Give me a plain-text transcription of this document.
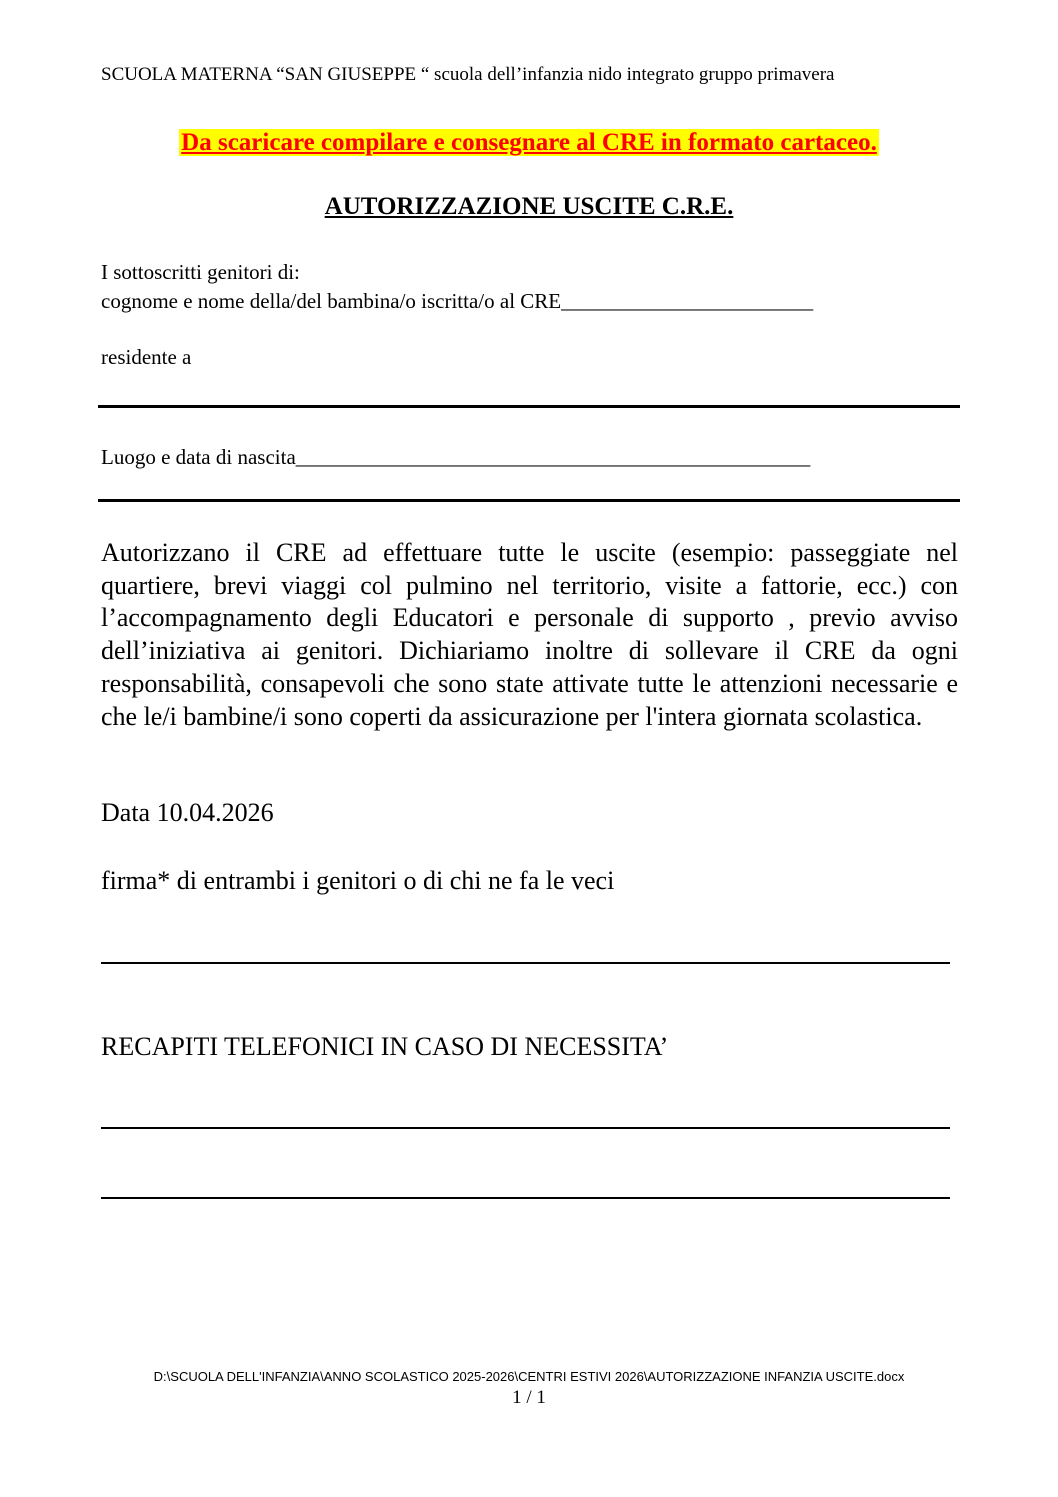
SCUOLA MATERNA “SAN GIUSEPPE “ scuola dell’infanzia nido integrato gruppo primavera
Da scaricare compilare e consegnare al CRE in formato cartaceo.
AUTORIZZAZIONE USCITE C.R.E.
I sottoscritti genitori di:
cognome e nome della/del bambina/o iscritta/o al CRE________________________
residente a
Luogo e data di nascita_________________________________________________
Autorizzano il CRE ad effettuare tutte le uscite (esempio: passeggiate nel quartiere, brevi viaggi col pulmino nel territorio, visite a fattorie, ecc.) con l’accompagnamento degli Educatori e personale di supporto , previo avviso dell’iniziativa ai genitori. Dichiariamo inoltre di sollevare il CRE da ogni responsabilità, consapevoli che sono state attivate tutte le attenzioni necessarie e che le/i bambine/i sono coperti da assicurazione per l'intera giornata scolastica.
Data 10.04.2026
firma* di entrambi i genitori o di chi ne fa le veci
RECAPITI TELEFONICI IN CASO DI NECESSITA’
D:\SCUOLA DELL'INFANZIA\ANNO SCOLASTICO 2025-2026\CENTRI ESTIVI 2026\AUTORIZZAZIONE INFANZIA USCITE.docx
1 / 1
